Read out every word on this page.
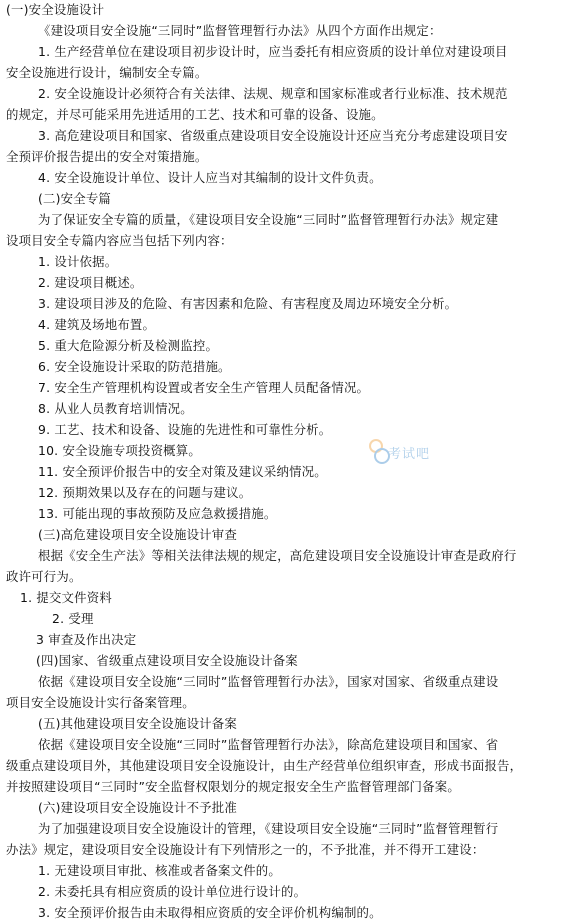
考试吧
(一)安全设施设计
《建设项目安全设施“三同时”监督管理暂行办法》从四个方面作出规定：
1. 生产经营单位在建设项目初步设计时，应当委托有相应资质的设计单位对建设项目
安全设施进行设计，编制安全专篇。
2. 安全设施设计必须符合有关法律、法规、规章和国家标准或者行业标准、技术规范
的规定，并尽可能采用先进适用的工艺、技术和可靠的设备、设施。
3. 高危建设项目和国家、省级重点建设项目安全设施设计还应当充分考虑建设项目安
全预评价报告提出的安全对策措施。
4. 安全设施设计单位、设计人应当对其编制的设计文件负责。
(二)安全专篇
为了保证安全专篇的质量，《建设项目安全设施“三同时”监督管理暂行办法》规定建
设项目安全专篇内容应当包括下列内容：
1. 设计依据。
2. 建设项目概述。
3. 建设项目涉及的危险、有害因素和危险、有害程度及周边环境安全分析。
4. 建筑及场地布置。
5. 重大危险源分析及检测监控。
6. 安全设施设计采取的防范措施。
7. 安全生产管理机构设置或者安全生产管理人员配备情况。
8. 从业人员教育培训情况。
9. 工艺、技术和设备、设施的先进性和可靠性分析。
10. 安全设施专项投资概算。
11. 安全预评价报告中的安全对策及建议采纳情况。
12. 预期效果以及存在的问题与建议。
13. 可能出现的事故预防及应急救援措施。
(三)高危建设项目安全设施设计审查
根据《安全生产法》等相关法律法规的规定，高危建设项目安全设施设计审查是政府行
政许可行为。
1. 提交文件资料
2. 受理
3 审查及作出决定
(四)国家、省级重点建设项目安全设施设计备案
依据《建设项目安全设施“三同时”监督管理暂行办法》，国家对国家、省级重点建设
项目安全设施设计实行备案管理。
(五)其他建设项目安全设施设计备案
依据《建设项目安全设施“三同时”监督管理暂行办法》，除高危建设项目和国家、省
级重点建设项目外，其他建设项目安全设施设计，由生产经营单位组织审查，形成书面报告，
并按照建设项目“三同时”安全监督权限划分的规定报安全生产监督管理部门备案。
(六)建设项目安全设施设计不予批准
为了加强建设项目安全设施设计的管理，《建设项目安全设施“三同时”监督管理暂行
办法》规定，建设项目安全设施设计有下列情形之一的，不予批准，并不得开工建设：
1. 无建设项目审批、核准或者备案文件的。
2. 未委托具有相应资质的设计单位进行设计的。
3. 安全预评价报告由未取得相应资质的安全评价机构编制的。
